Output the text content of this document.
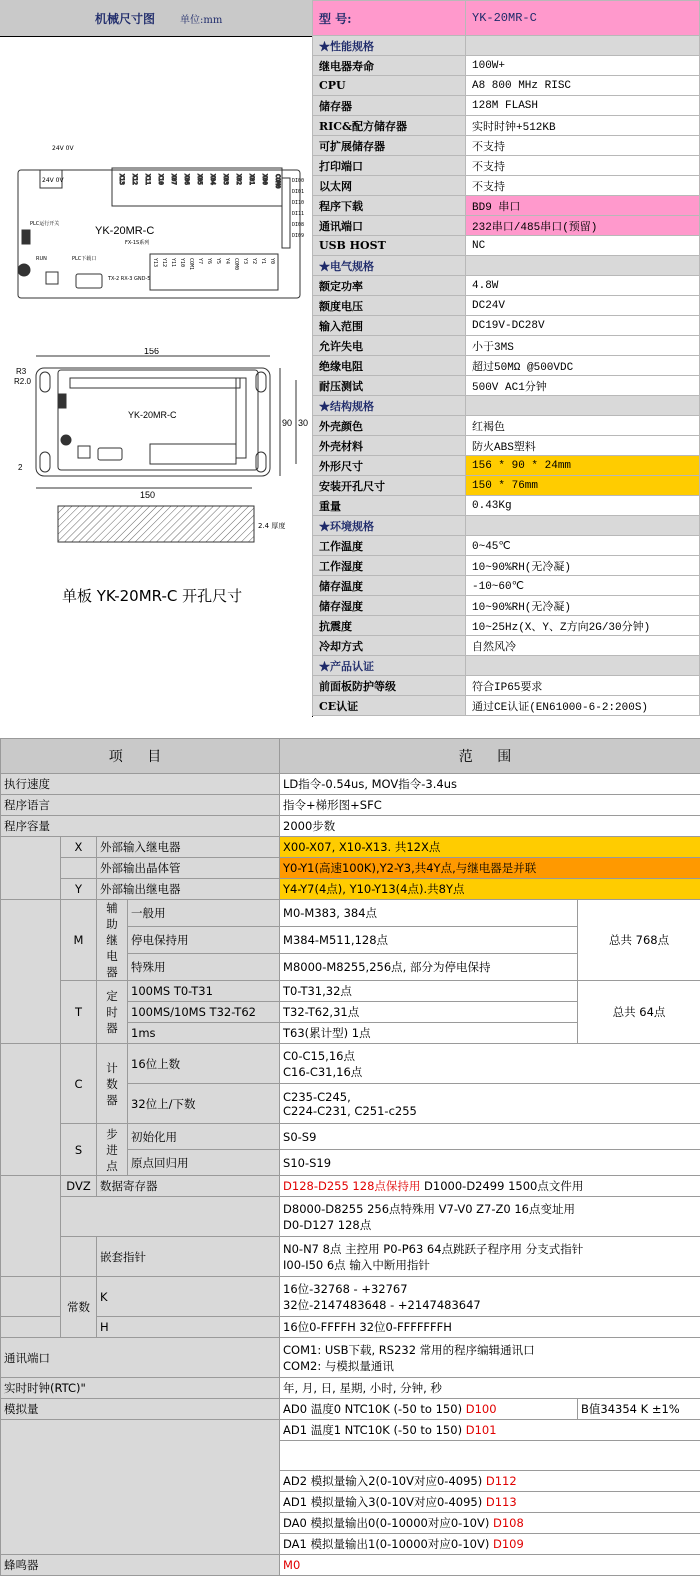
机械尺寸图 单位:mm
X13 X12 X11 X10 X07 X06 X05 X04 X03 X02 X01 X00 COM0
24V 0V
24V 0V
YK-20MR-C
FX-1S系列
PLC运行开关
PLC下载口
RUN
TX-2 RX-3 GND-5
Y13 Y12 Y11 Y10 COM1 Y7 Y6 Y5 Y4 COM0 Y3 Y2 Y1 Y0
DI00
DI01
DI10
DI11
DI08
DI09
156
150
90 30
R3
R2.0
2
YK-20MR-C
2.4 厚度
单板 YK-20MR-C 开孔尺寸
型 号:	YK-20MR-C
★性能规格	
继电器寿命	100W+
CPU	A8 800 MHz RISC
储存器	128M FLASH
RIC&配方储存器	实时时钟+512KB
可扩展储存器	不支持
打印端口	不支持
以太网	不支持
程序下载	BD9 串口
通讯端口	232串口/485串口(预留)
USB HOST	NC
★电气规格	
额定功率	4.8W
额度电压	DC24V
输入范围	DC19V-DC28V
允许失电	小于3MS
绝缘电阻	超过50MΩ @500VDC
耐压测试	500V AC1分钟
★结构规格	
外壳颜色	红褐色
外壳材料	防火ABS塑料
外形尺寸	156 * 90 * 24mm
安装开孔尺寸	150 * 76mm
重量	0.43Kg
★环境规格	
工作温度	0~45℃
工作湿度	10~90%RH(无冷凝)
储存温度	-10~60℃
储存湿度	10~90%RH(无冷凝)
抗震度	10~25Hz(X、Y、Z方向2G/30分钟)
冷却方式	自然风冷
★产品认证	
前面板防护等级	符合IP65要求
CE认证	通过CE认证(EN61000-6-2:200S)
项 目				范 围	
执行速度				LD指令-0.54us, MOV指令-3.4us	
程序语言				指令+梯形图+SFC	
程序容量				2000步数	
	X	外部输入继电器		X00-X07, X10-X13. 共12X点	
		外部输出晶体管		Y0-Y1(高速100K),Y2-Y3,共4Y点,与继电器是并联	
	Y	外部输出继电器		Y4-Y7(4点), Y10-Y13(4点).共8Y点	
	M	辅助继电器	一般用	M0-M383, 384点	总共 768点
			停电保持用	M384-M511,128点	
			特殊用	M8000-M8255,256点, 部分为停电保持	
	T	定时器	100MS T0-T31	T0-T31,32点	总共 64点
			100MS/10MS T32-T62	T32-T62,31点	
			1ms	T63(累计型) 1点	
	C	计数器	16位上数	C0-C15,16点
C16-C31,16点	

			32位上/下数	C235-C245,
C224-C231, C251-c255	

	S	步进点	初始化用	S0-S9	
			原点回归用	S10-S19	
	DVZ	数据寄存器		D128-D255 128点保持用 D1000-D2499 1500点文件用	

				D8000-D8255 256点特殊用 V7-V0 Z7-Z0 16点变址用
D0-D127 128点	

		嵌套指针		N0-N7 8点 主控用 P0-P63 64点跳跃子程序用 分支式指针
I00-I50 6点 输入中断用指针	

	常数	K		16位-32768 - +32767
32位-2147483648 - +2147483647	

		H		16位0-FFFFH 32位0-FFFFFFFH	
通讯端口				COM1: USB下载, RS232 常用的程序编辑通讯口
COM2: 与模拟量通讯	

实时时钟(RTC)"				年, 月, 日, 星期, 小时, 分钟, 秒	
模拟量				AD0 温度0 NTC10K (-50 to 150) D100	B值34354 K ±1%
				AD1 温度1 NTC10K (-50 to 150) D101	

				AD2 模拟量输入2(0-10V对应0-4095) D112	
				AD1 模拟量输入3(0-10V对应0-4095) D113	
				DA0 模拟量输出0(0-10000对应0-10V) D108	
				DA1 模拟量输出1(0-10000对应0-10V) D109	
蜂鸣器				M0	
